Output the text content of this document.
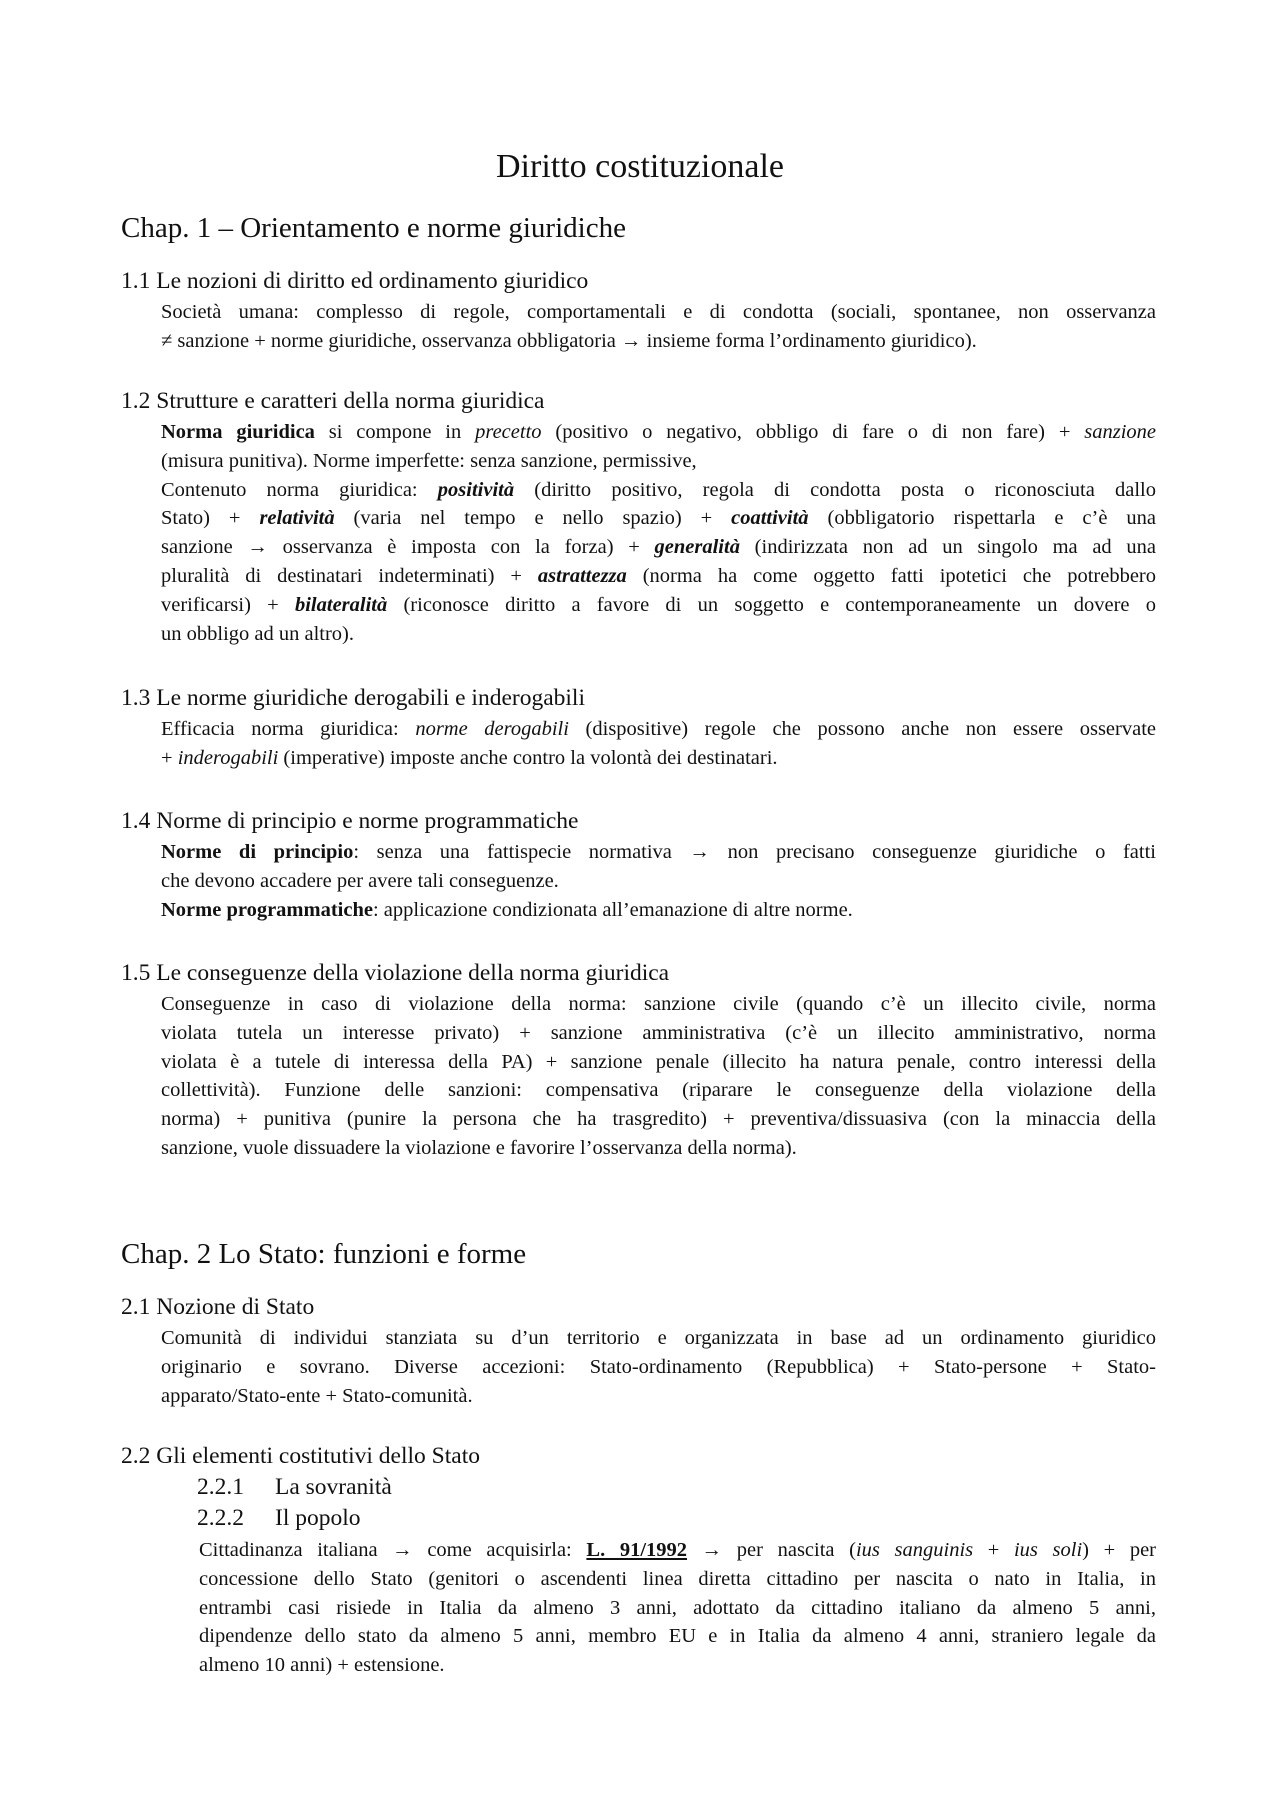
Diritto costituzionale
Chap. 1 – Orientamento e norme giuridiche
1.1 Le nozioni di diritto ed ordinamento giuridico

Società umana: complesso di regole, comportamentali e di condotta (sociali, spontanee, non osservanza
≠ sanzione + norme giuridiche, osservanza obbligatoria → insieme forma l’ordinamento giuridico).

1.2 Strutture e caratteri della norma giuridica

Norma giuridica si compone in precetto (positivo o negativo, obbligo di fare o di non fare) + sanzione
(misura punitiva). Norme imperfette: senza sanzione, permissive,
Contenuto norma giuridica: positività (diritto positivo, regola di condotta posta o riconosciuta dallo
Stato) + relatività (varia nel tempo e nello spazio) + coattività (obbligatorio rispettarla e c’è una
sanzione → osservanza è imposta con la forza) + generalità (indirizzata non ad un singolo ma ad una
pluralità di destinatari indeterminati) + astrattezza (norma ha come oggetto fatti ipotetici che potrebbero
verificarsi) + bilateralità (riconosce diritto a favore di un soggetto e contemporaneamente un dovere o
un obbligo ad un altro).

1.3 Le norme giuridiche derogabili e inderogabili

Efficacia norma giuridica: norme derogabili (dispositive) regole che possono anche non essere osservate
+ inderogabili (imperative) imposte anche contro la volontà dei destinatari.

1.4 Norme di principio e norme programmatiche

Norme di principio: senza una fattispecie normativa → non precisano conseguenze giuridiche o fatti
che devono accadere per avere tali conseguenze.
Norme programmatiche: applicazione condizionata all’emanazione di altre norme.

1.5 Le conseguenze della violazione della norma giuridica

Conseguenze in caso di violazione della norma: sanzione civile (quando c’è un illecito civile, norma
violata tutela un interesse privato) + sanzione amministrativa (c’è un illecito amministrativo, norma
violata è a tutele di interessa della PA) + sanzione penale (illecito ha natura penale, contro interessi della
collettività). Funzione delle sanzioni: compensativa (riparare le conseguenze della violazione della
norma) + punitiva (punire la persona che ha trasgredito) + preventiva/dissuasiva (con la minaccia della
sanzione, vuole dissuadere la violazione e favorire l’osservanza della norma).

Chap. 2 Lo Stato: funzioni e forme
2.1 Nozione di Stato

Comunità di individui stanziata su d’un territorio e organizzata in base ad un ordinamento giuridico
originario e sovrano. Diverse accezioni: Stato-ordinamento (Repubblica) + Stato-persone + Stato-
apparato/Stato-ente + Stato-comunità.

2.2 Gli elementi costitutivi dello Stato
2.2.1 La sovranità
2.2.2 Il popolo

Cittadinanza italiana → come acquisirla: L. 91/1992 → per nascita (ius sanguinis + ius soli) + per
concessione dello Stato (genitori o ascendenti linea diretta cittadino per nascita o nato in Italia, in
entrambi casi risiede in Italia da almeno 3 anni, adottato da cittadino italiano da almeno 5 anni,
dipendenze dello stato da almeno 5 anni, membro EU e in Italia da almeno 4 anni, straniero legale da
almeno 10 anni) + estensione.
